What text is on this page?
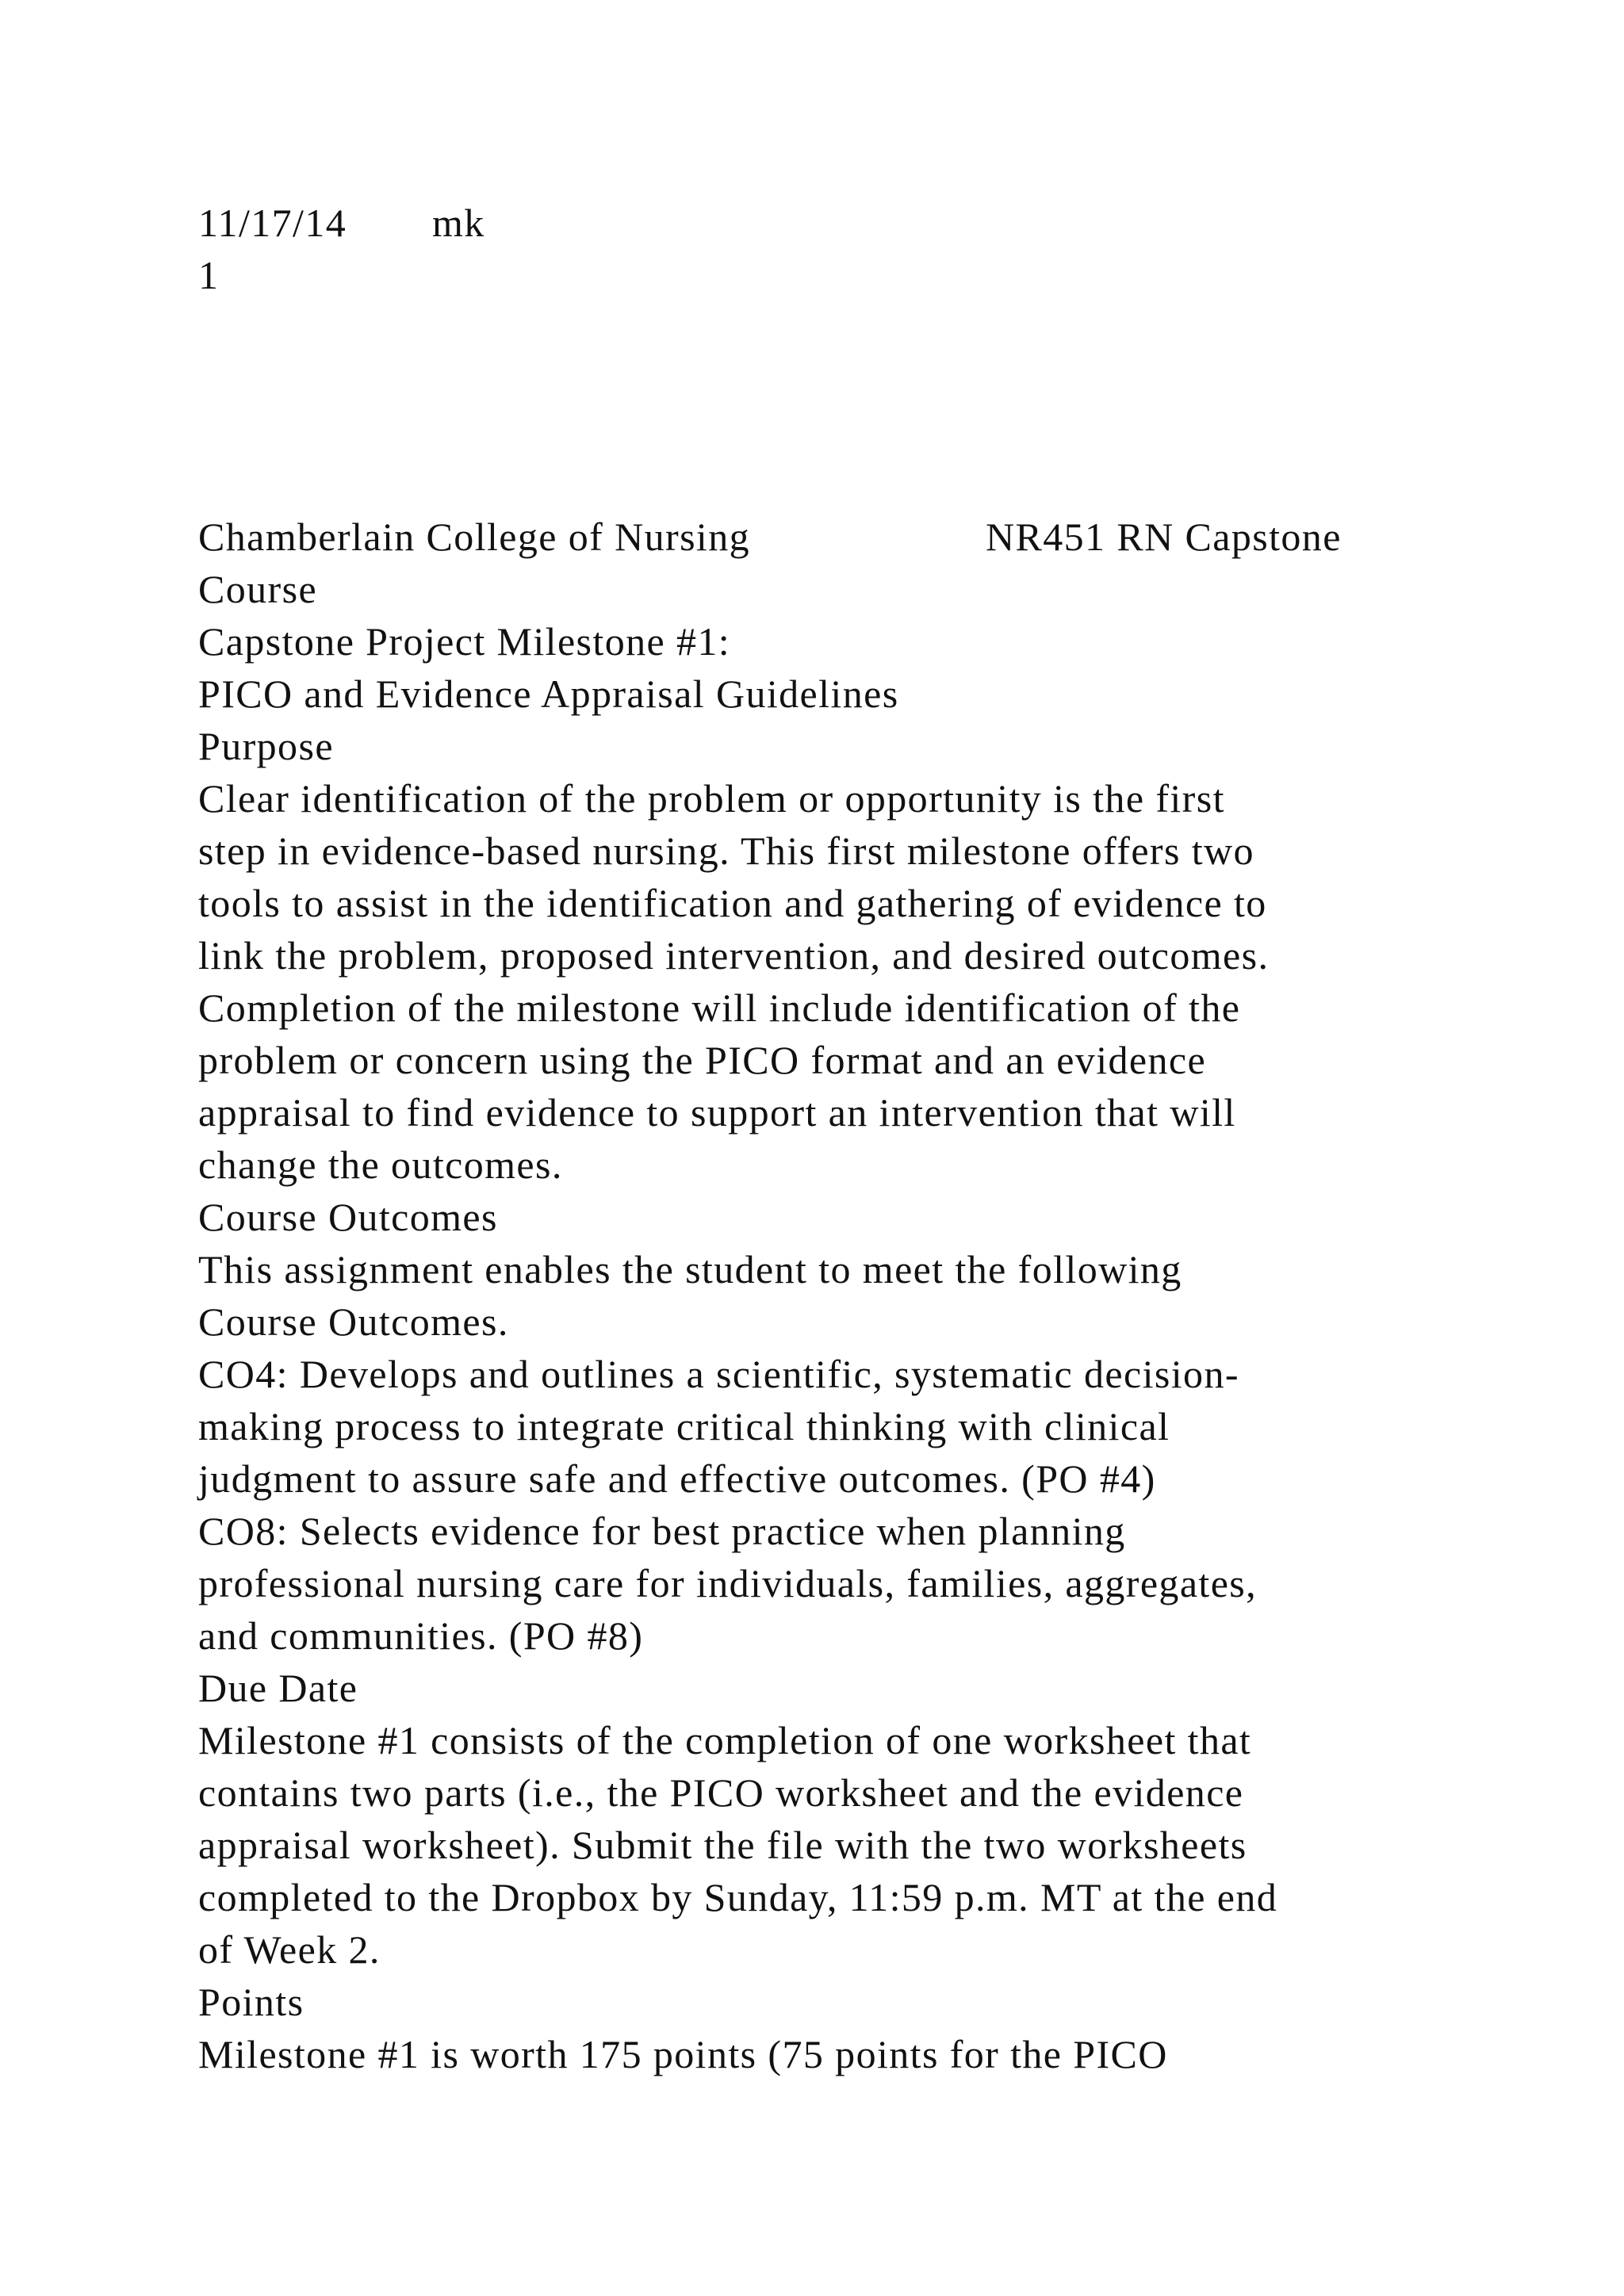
11/17/14 mk
1
Chamberlain College of Nursing	NR451 RN Capstone
Course
Capstone Project Milestone #1:
PICO and Evidence Appraisal Guidelines
Purpose
Clear identification of the problem or opportunity is the first
step in evidence-based nursing. This first milestone offers two
tools to assist in the identification and gathering of evidence to
link the problem, proposed intervention, and desired outcomes.
Completion of the milestone will include identification of the
problem or concern using the PICO format and an evidence
appraisal to find evidence to support an intervention that will
change the outcomes.
Course Outcomes
This assignment enables the student to meet the following
Course Outcomes.
CO4: Develops and outlines a scientific, systematic decision-
making process to integrate critical thinking with clinical
judgment to assure safe and effective outcomes. (PO #4)
CO8: Selects evidence for best practice when planning
professional nursing care for individuals, families, aggregates,
and communities. (PO #8)
Due Date
Milestone #1 consists of the completion of one worksheet that
contains two parts (i.e., the PICO worksheet and the evidence
appraisal worksheet). Submit the file with the two worksheets
completed to the Dropbox by Sunday, 11:59 p.m. MT at the end
of Week 2.
Points
Milestone #1 is worth 175 points (75 points for the PICO
